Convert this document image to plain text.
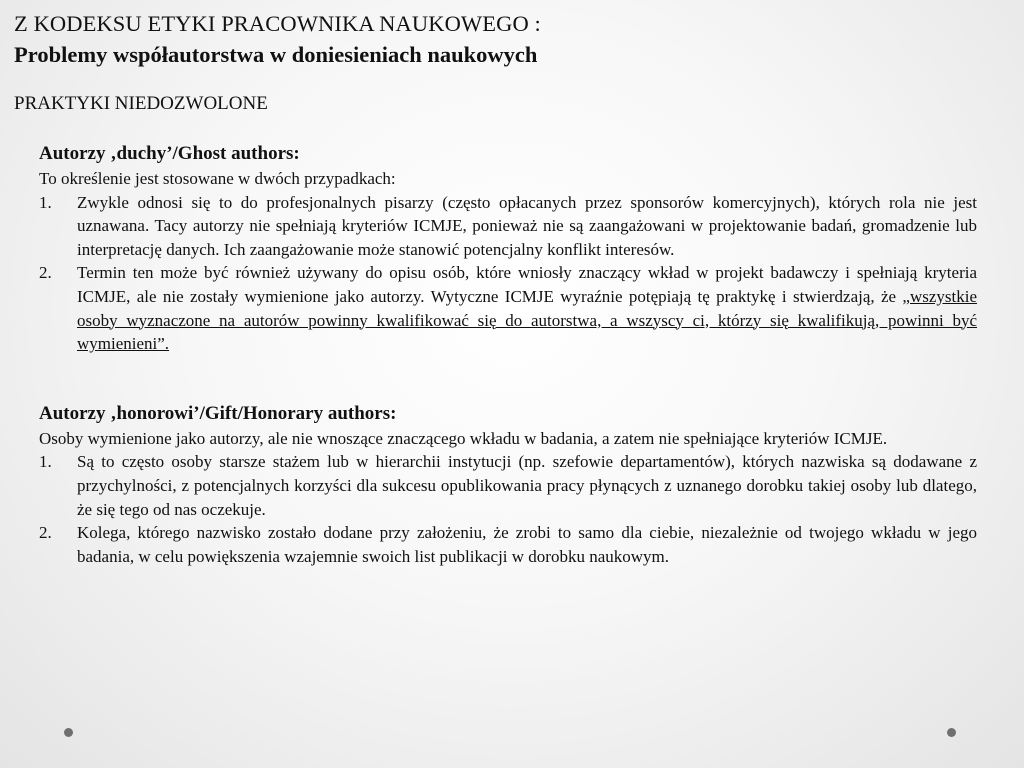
Z KODEKSU ETYKI PRACOWNIKA NAUKOWEGO :
Problemy współautorstwa w doniesieniach naukowych
PRAKTYKI NIEDOZWOLONE
Autorzy ‚duchy’/Ghost authors:
To określenie jest stosowane w dwóch przypadkach:
1. Zwykle odnosi się to do profesjonalnych pisarzy (często opłacanych przez sponsorów komercyjnych), których rola nie jest uznawana. Tacy autorzy nie spełniają kryteriów ICMJE, ponieważ nie są zaangażowani w projektowanie badań, gromadzenie lub interpretację danych. Ich zaangażowanie może stanowić potencjalny konflikt interesów.
2. Termin ten może być również używany do opisu osób, które wniosły znaczący wkład w projekt badawczy i spełniają kryteria ICMJE, ale nie zostały wymienione jako autorzy. Wytyczne ICMJE wyraźnie potępiają tę praktykę i stwierdzają, że „wszystkie osoby wyznaczone na autorów powinny kwalifikować się do autorstwa, a wszyscy ci, którzy się kwalifikują, powinni być wymienieni”.
Autorzy ‚honorowi’/Gift/Honorary authors:
Osoby wymienione jako autorzy, ale nie wnoszące znaczącego wkładu w badania, a zatem nie spełniające kryteriów ICMJE.
1. Są to często osoby starsze stażem lub w hierarchii instytucji (np. szefowie departamentów), których nazwiska są dodawane z przychylności, z potencjalnych korzyści dla sukcesu opublikowania pracy płynących z uznanego dorobku takiej osoby lub dlatego, że się tego od nas oczekuje.
2. Kolega, którego nazwisko zostało dodane przy założeniu, że zrobi to samo dla ciebie, niezależnie od twojego wkładu w jego badania, w celu powiększenia wzajemnie swoich list publikacji w dorobku naukowym.
